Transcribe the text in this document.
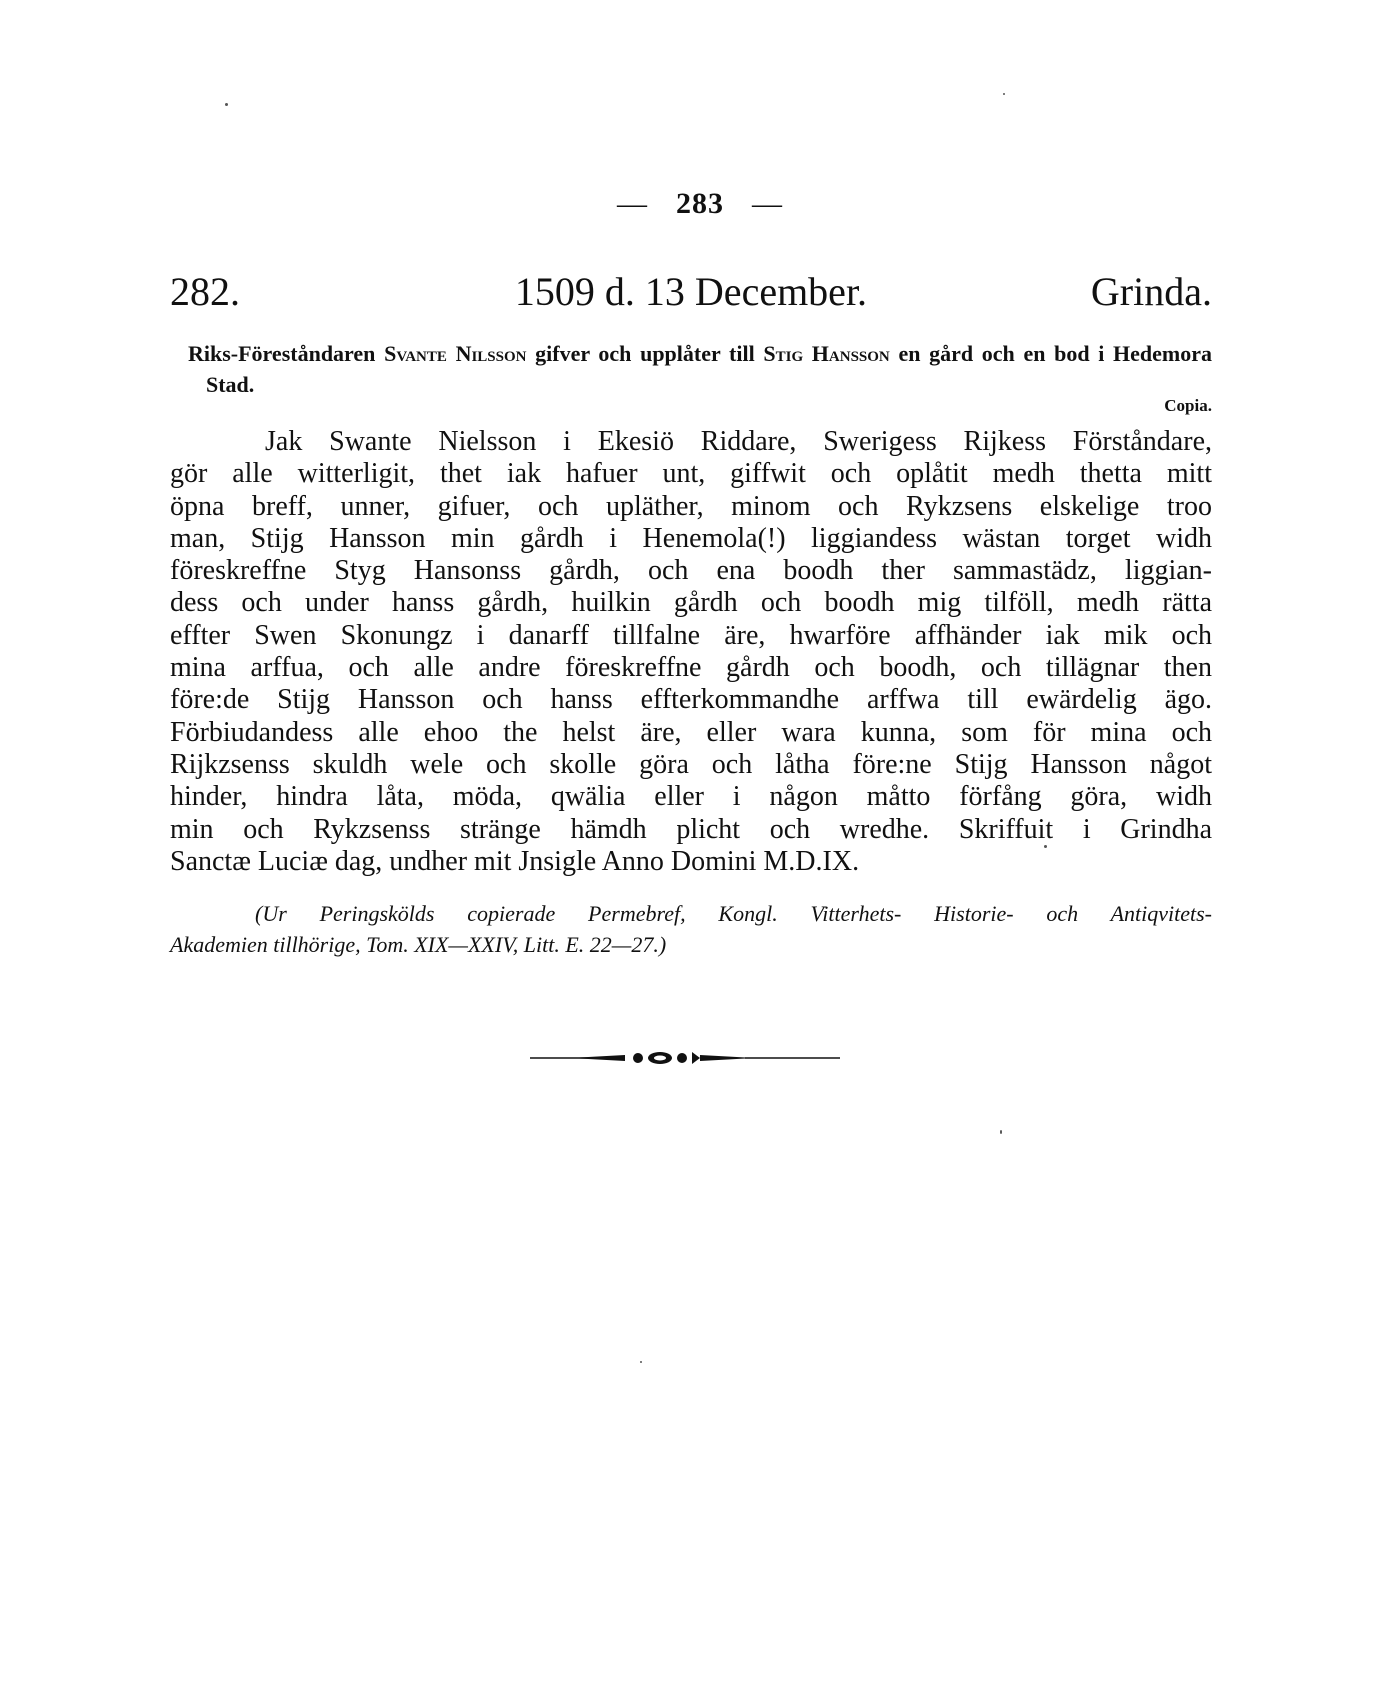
— 283 —
282.	1509 d. 13 December.	Grinda.
Riks-Föreståndaren Svante Nilsson gifver och upplåter till Stig Hansson en gård och en bod i Hedemora Stad.
Copia.
Jak Swante Nielsson i Ekesiö Riddare, Swerigess Rijkess Förståndare,
gör alle witterligit, thet iak hafuer unt, giffwit och oplåtit medh thetta mitt
öpna breff, unner, gifuer, och upläther, minom och Rykzsens elskelige troo
man, Stijg Hansson min gårdh i Henemola(!) liggiandess wästan torget widh
föreskreffne Styg Hansonss gårdh, och ena boodh ther sammastädz, liggian-
dess och under hanss gårdh, huilkin gårdh och boodh mig tilföll, medh rätta
effter Swen Skonungz i danarff tillfalne äre, hwarföre affhänder iak mik och
mina arffua, och alle andre föreskreffne gårdh och boodh, och tillägnar then
före:de Stijg Hansson och hanss effterkommandhe arffwa till ewärdelig ägo.
Förbiudandess alle ehoo the helst äre, eller wara kunna, som för mina och
Rijkzsenss skuldh wele och skolle göra och låtha före:ne Stijg Hansson något
hinder, hindra låta, möda, qwälia eller i någon måtto förfång göra, widh
min och Rykzsenss stränge hämdh plicht och wredhe. Skriffuit i Grindha
Sanctæ Luciæ dag, undher mit Jnsigle Anno Domini M.D.IX.
(Ur Peringskölds copierade Permebref, Kongl. Vitterhets- Historie- och Antiqvitets-
Akademien tillhörige, Tom. XIX—XXIV, Litt. E. 22—27.)
